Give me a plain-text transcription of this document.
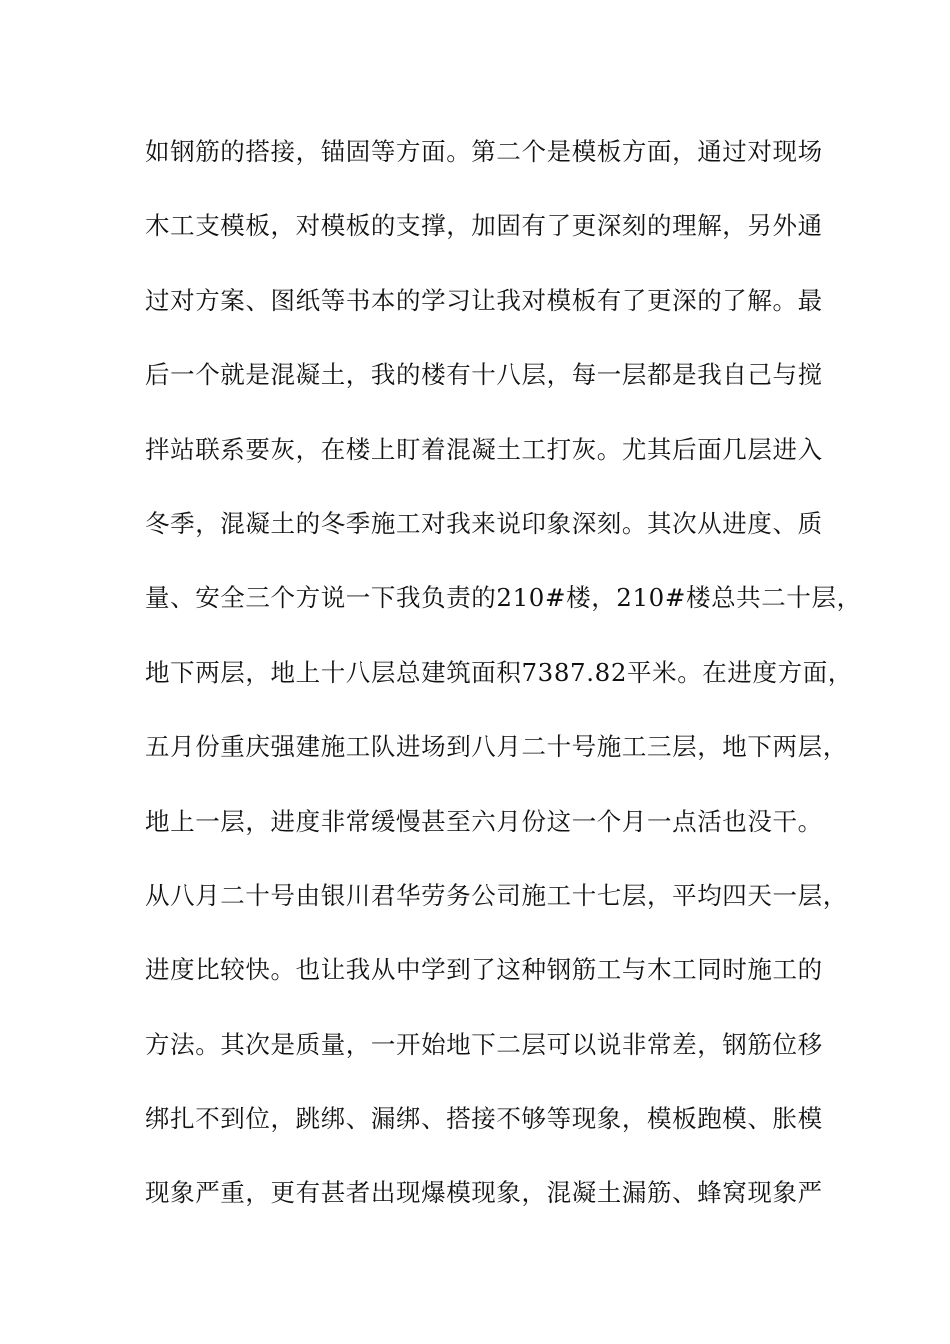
如钢筋的搭接，锚固等方面。第二个是模板方面，通过对现场
木工支模板，对模板的支撑，加固有了更深刻的理解，另外通
过对方案、图纸等书本的学习让我对模板有了更深的了解。最
后一个就是混凝土，我的楼有十八层，每一层都是我自己与搅
拌站联系要灰，在楼上盯着混凝土工打灰。尤其后面几层进入
冬季，混凝土的冬季施工对我来说印象深刻。其次从进度、质
量、安全三个方说一下我负责的210#楼，210#楼总共二十层，
地下两层，地上十八层总建筑面积7387.82平米。在进度方面，
五月份重庆强建施工队进场到八月二十号施工三层，地下两层，
地上一层，进度非常缓慢甚至六月份这一个月一点活也没干。
从八月二十号由银川君华劳务公司施工十七层，平均四天一层，
进度比较快。也让我从中学到了这种钢筋工与木工同时施工的
方法。其次是质量，一开始地下二层可以说非常差，钢筋位移
绑扎不到位，跳绑、漏绑、搭接不够等现象，模板跑模、胀模
现象严重，更有甚者出现爆模现象，混凝土漏筋、蜂窝现象严
